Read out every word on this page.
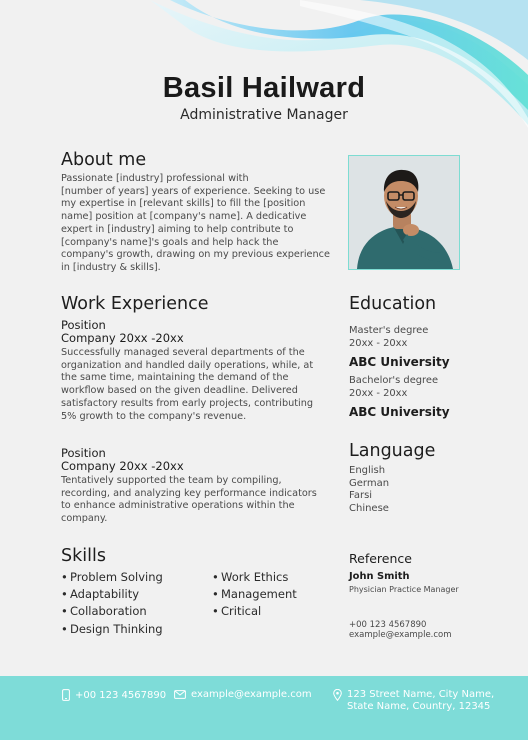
Basil Hailward
Administrative Manager
About me
Passionate [industry] professional with
[number of years] years of experience. Seeking to use
my expertise in [relevant skills] to fill the [position
name] position at [company's name]. A dedicative
expert in [industry] aiming to help contribute to
[company's name]'s goals and help hack the
company's growth, drawing on my previous experience
in [industry & skills].
Work Experience
Position
Company 20xx -20xx
Successfully managed several departments of the
organization and handled daily operations, while, at
the same time, maintaining the demand of the
workflow based on the given deadline. Delivered
satisfactory results from early projects, contributing
5% growth to the company's revenue.
Position
Company 20xx -20xx
Tentatively supported the team by compiling,
recording, and analyzing key performance indicators
to enhance administrative operations within the
company.
Education
Master's degree
20xx - 20xx
ABC University
Bachelor's degree
20xx - 20xx
ABC University
Language
English
German
Farsi
Chinese
Skills
• Problem Solving
• Adaptability
• Collaboration
• Design Thinking
• Work Ethics
• Management
• Critical
Reference
John Smith
Physician Practice Manager
+00 123 4567890
example@example.com
+00 123 4567890 example@example.com	123 Street Name, City Name,
State Name, Country, 12345
